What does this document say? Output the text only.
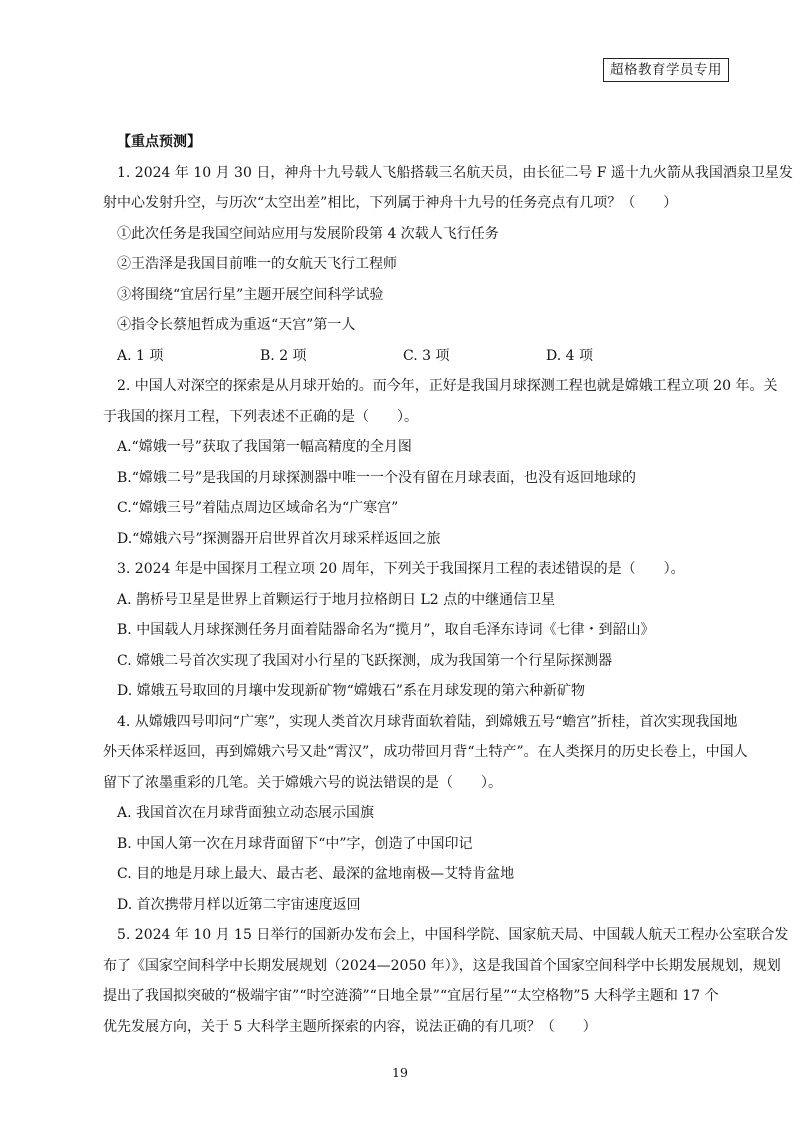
超格教育学员专用
【重点预测】
1. 2024 年 10 月 30 日，神舟十九号载人飞船搭载三名航天员，由长征二号 F 遥十九火箭从我国酒泉卫星发
射中心发射升空，与历次“太空出差”相比，下列属于神舟十九号的任务亮点有几项？（　　）
①此次任务是我国空间站应用与发展阶段第 4 次载人飞行任务
②王浩泽是我国目前唯一的女航天飞行工程师
③将围绕“宜居行星”主题开展空间科学试验
④指令长蔡旭哲成为重返“天宫”第一人
A. 1 项	B. 2 项	C. 3 项	D. 4 项
2. 中国人对深空的探索是从月球开始的。而今年，正好是我国月球探测工程也就是嫦娥工程立项 20 年。关
于我国的探月工程，下列表述不正确的是（　　）。
A.“嫦娥一号”获取了我国第一幅高精度的全月图
B.“嫦娥二号”是我国的月球探测器中唯一一个没有留在月球表面，也没有返回地球的
C.“嫦娥三号”着陆点周边区域命名为“广寒宫”
D.“嫦娥六号”探测器开启世界首次月球采样返回之旅
3. 2024 年是中国探月工程立项 20 周年，下列关于我国探月工程的表述错误的是（　　）。
A. 鹊桥号卫星是世界上首颗运行于地月拉格朗日 L2 点的中继通信卫星
B. 中国载人月球探测任务月面着陆器命名为“揽月”，取自毛泽东诗词《七律・到韶山》
C. 嫦娥二号首次实现了我国对小行星的飞跃探测，成为我国第一个行星际探测器
D. 嫦娥五号取回的月壤中发现新矿物“嫦娥石”系在月球发现的第六种新矿物
4. 从嫦娥四号叩问“广寒”，实现人类首次月球背面软着陆，到嫦娥五号“蟾宫”折桂，首次实现我国地
外天体采样返回，再到嫦娥六号又赴“霄汉”，成功带回月背“土特产”。在人类探月的历史长卷上，中国人
留下了浓墨重彩的几笔。关于嫦娥六号的说法错误的是（　　）。
A. 我国首次在月球背面独立动态展示国旗
B. 中国人第一次在月球背面留下“中”字，创造了中国印记
C. 目的地是月球上最大、最古老、最深的盆地南极—艾特肯盆地
D. 首次携带月样以近第二宇宙速度返回
5. 2024 年 10 月 15 日举行的国新办发布会上，中国科学院、国家航天局、中国载人航天工程办公室联合发
布了《国家空间科学中长期发展规划（2024—2050 年）》，这是我国首个国家空间科学中长期发展规划，规划
提出了我国拟突破的“极端宇宙”“时空涟漪”“日地全景”“宜居行星”“太空格物”5 大科学主题和 17 个
优先发展方向，关于 5 大科学主题所探索的内容，说法正确的有几项？（　　）
19
